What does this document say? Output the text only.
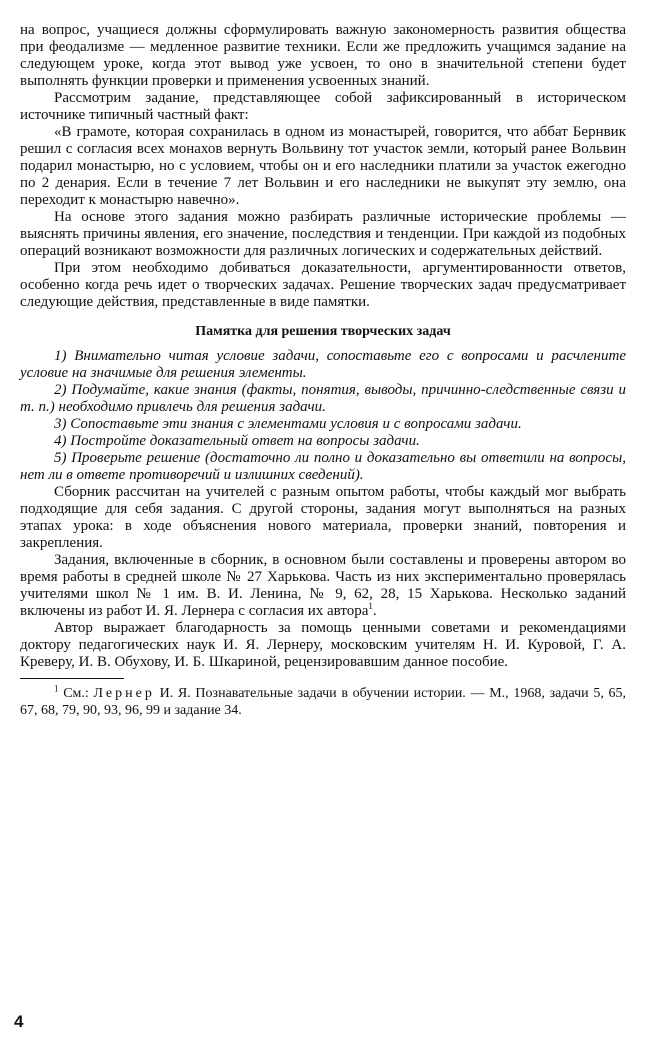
на вопрос, учащиеся должны сформулировать важную закономерность развития общества при феодализме — медленное развитие техники. Если же предложить учащимся задание на следующем уроке, когда этот вывод уже усвоен, то оно в значительной степени будет выполнять функции проверки и применения усвоенных знаний.

Рассмотрим задание, представляющее собой зафиксированный в историческом источнике типичный частный факт:

«В грамоте, которая сохранилась в одном из монастырей, говорится, что аббат Бернвик решил с согласия всех монахов вернуть Вольвину тот участок земли, который ранее Вольвин подарил монастырю, но с условием, чтобы он и его наследники платили за участок ежегодно по 2 денария. Если в течение 7 лет Вольвин и его наследники не выкупят эту землю, она переходит к монастырю навечно».

На основе этого задания можно разбирать различные исторические проблемы — выяснять причины явления, его значение, последствия и тенденции. При каждой из подобных операций возникают возможности для различных логических и содержательных действий.

При этом необходимо добиваться доказательности, аргументированности ответов, особенно когда речь идет о творческих задачах. Решение творческих задач предусматривает следующие действия, представленные в виде памятки.

Памятка для решения творческих задач

1) Внимательно читая условие задачи, сопоставьте его с вопросами и расчлените условие на значимые для решения элементы.

2) Подумайте, какие знания (факты, понятия, выводы, причинно-следственные связи и т. п.) необходимо привлечь для решения задачи.

3) Сопоставьте эти знания с элементами условия и с вопросами задачи.

4) Постройте доказательный ответ на вопросы задачи.

5) Проверьте решение (достаточно ли полно и доказательно вы ответили на вопросы, нет ли в ответе противоречий и излишних сведений).

Сборник рассчитан на учителей с разным опытом работы, чтобы каждый мог выбрать подходящие для себя задания. С другой стороны, задания могут выполняться на разных этапах урока: в ходе объяснения нового материала, проверки знаний, повторения и закрепления.

Задания, включенные в сборник, в основном были составлены и проверены автором во время работы в средней школе № 27 Харькова. Часть из них экспериментально проверялась учителями школ № 1 им. В. И. Ленина, № 9, 62, 28, 15 Харькова. Несколько заданий включены из работ И. Я. Лернера с согласия их автора$^1$.

Автор выражает благодарность за помощь ценными советами и рекомендациями доктору педагогических наук И. Я. Лернеру, московским учителям Н. И. Куровой, Г. А. Креверу, И. В. Обухову, И. Б. Шкариной, рецензировавшим данное пособие.

$^1$ См.: Лернер И. Я. Познавательные задачи в обучении истории. — М., 1968, задачи 5, 65, 67, 68, 79, 90, 93, 96, 99 и задание 34.

4
